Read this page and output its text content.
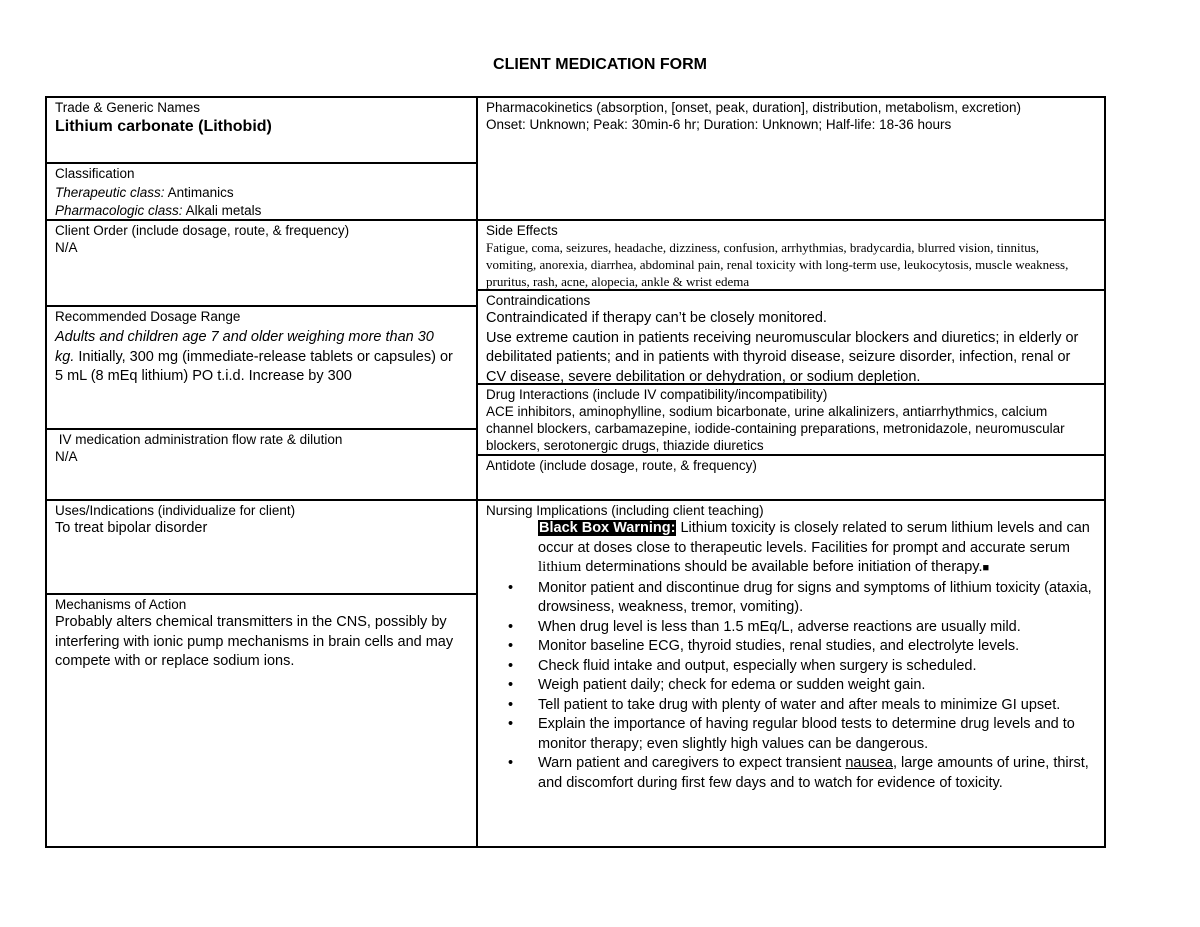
CLIENT MEDICATION FORM
Trade & Generic Names
Lithium carbonate (Lithobid)
Classification
Therapeutic class: Antimanics
Pharmacologic class: Alkali metals
Client Order (include dosage, route, & frequency)
N/A
Recommended Dosage Range
Adults and children age 7 and older weighing more than 30 kg. Initially, 300 mg (immediate-release tablets or capsules) or 5 mL (8 mEq lithium) PO t.i.d. Increase by 300
IV medication administration flow rate & dilution
N/A
Uses/Indications (individualize for client)
To treat bipolar disorder
Mechanisms of Action
Probably alters chemical transmitters in the CNS, possibly by interfering with ionic pump mechanisms in brain cells and may compete with or replace sodium ions.
Pharmacokinetics (absorption, [onset, peak, duration], distribution, metabolism, excretion)
Onset: Unknown; Peak: 30min-6 hr; Duration: Unknown; Half-life: 18-36 hours
Side Effects
Fatigue, coma, seizures, headache, dizziness, confusion, arrhythmias, bradycardia, blurred vision, tinnitus, vomiting, anorexia, diarrhea, abdominal pain, renal toxicity with long-term use, leukocytosis, muscle weakness, pruritus, rash, acne, alopecia, ankle & wrist edema
Contraindications
Contraindicated if therapy can’t be closely monitored.
Use extreme caution in patients receiving neuromuscular blockers and diuretics; in elderly or debilitated patients; and in patients with thyroid disease, seizure disorder, infection, renal or CV disease, severe debilitation or dehydration, or sodium depletion.
Drug Interactions (include IV compatibility/incompatibility)
ACE inhibitors, aminophylline, sodium bicarbonate, urine alkalinizers, antiarrhythmics, calcium channel blockers, carbamazepine, iodide-containing preparations, metronidazole, neuromuscular blockers, serotonergic drugs, thiazide diuretics
Antidote (include dosage, route, & frequency)
Nursing Implications (including client teaching)
Black Box Warning: Lithium toxicity is closely related to serum lithium levels and can occur at doses close to therapeutic levels. Facilities for prompt and accurate serum lithium determinations should be available before initiation of therapy.■
• Monitor patient and discontinue drug for signs and symptoms of lithium toxicity (ataxia, drowsiness, weakness, tremor, vomiting).
• When drug level is less than 1.5 mEq/L, adverse reactions are usually mild.
• Monitor baseline ECG, thyroid studies, renal studies, and electrolyte levels.
• Check fluid intake and output, especially when surgery is scheduled.
• Weigh patient daily; check for edema or sudden weight gain.
• Tell patient to take drug with plenty of water and after meals to minimize GI upset.
• Explain the importance of having regular blood tests to determine drug levels and to monitor therapy; even slightly high values can be dangerous.
• Warn patient and caregivers to expect transient nausea, large amounts of urine, thirst, and discomfort during first few days and to watch for evidence of toxicity.
